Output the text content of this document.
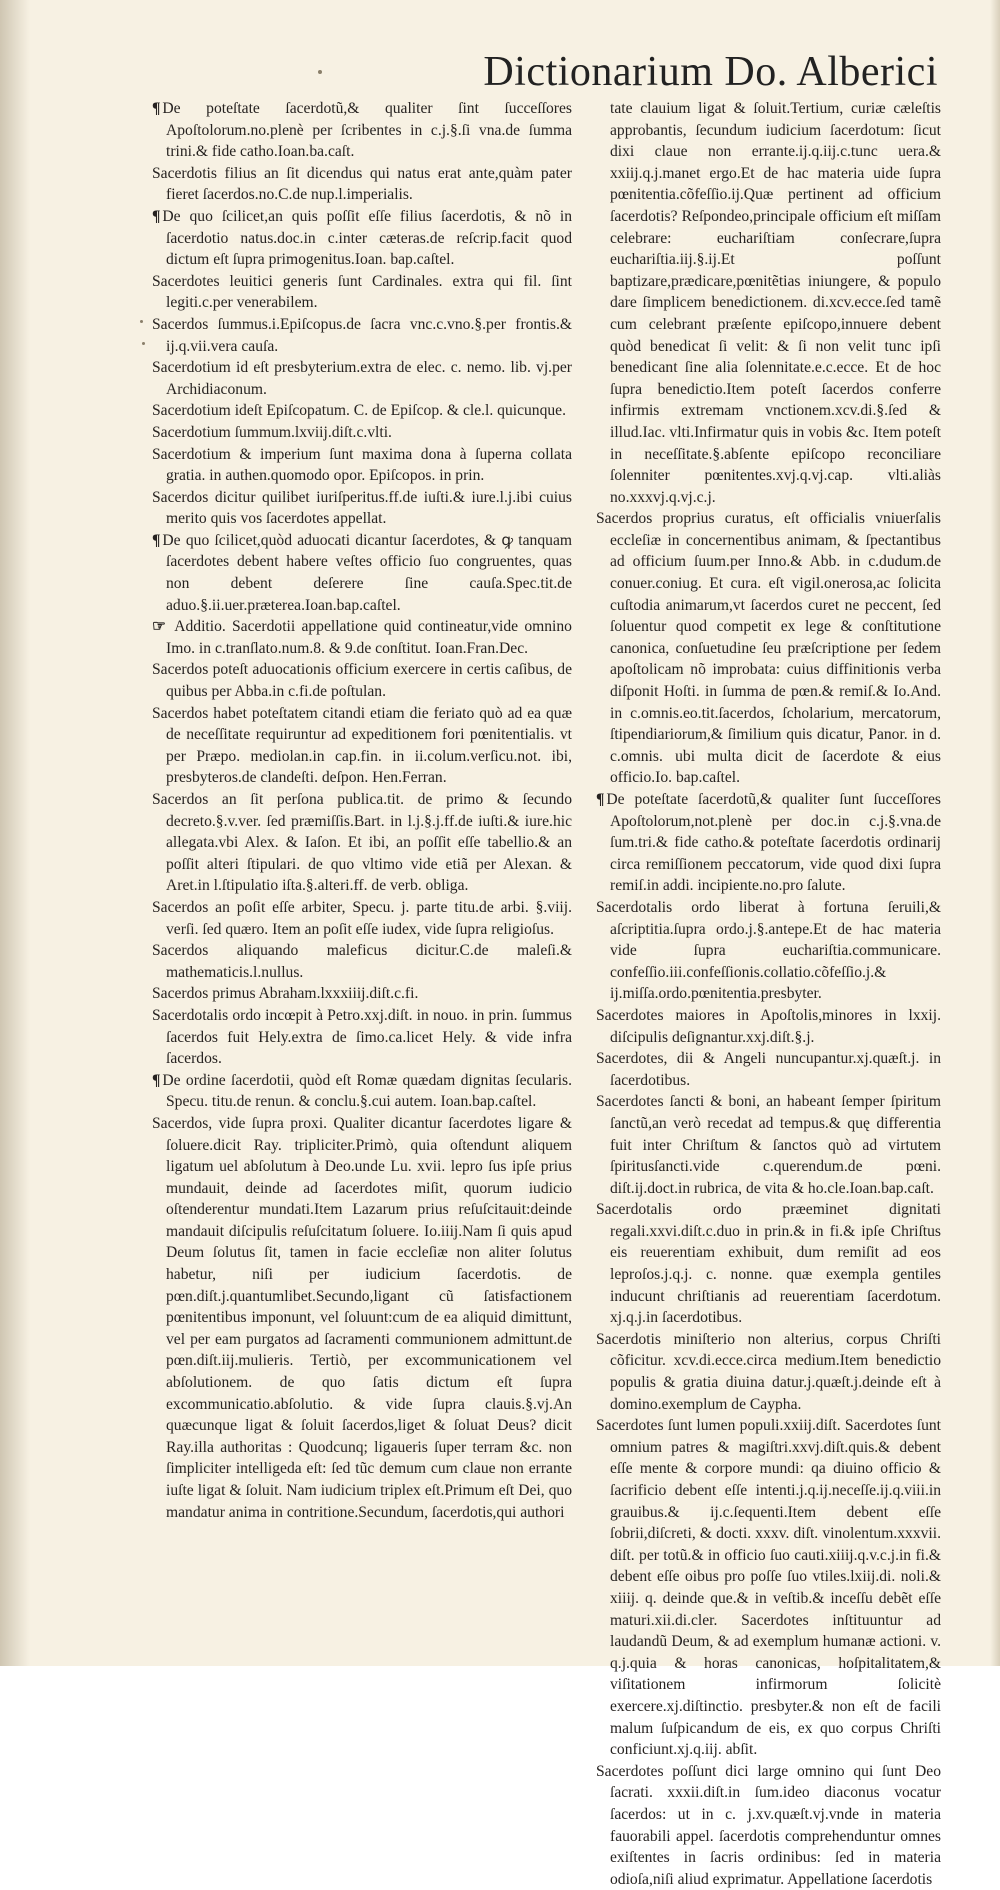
Dictionarium Do. Alberici

¶ De poteſtate ſacerdotũ,& qualiter ſint ſucceſſores Apoſtolorum.no.plenè per ſcribentes in c.j.§.ſi vna.de ſumma trini.& fide catho.Ioan.ba.caſt.

Sacerdotis filius an ſit dicendus qui natus erat ante,quàm pater fieret ſacerdos.no.C.de nup.l.imperialis.

¶ De quo ſcilicet,an quis poſſit eſſe filius ſacerdotis, & nõ in ſacerdotio natus.doc.in c.inter cæteras.de reſcrip.facit quod dictum eſt ſupra primogenitus.Ioan. bap.caſtel.

Sacerdotes leuitici generis ſunt Cardinales. extra qui fil. ſint legiti.c.per venerabilem.

Sacerdos ſummus.i.Epiſcopus.de ſacra vnc.c.vno.§.per frontis.& ij.q.vii.vera cauſa.

Sacerdotium id eſt presbyterium.extra de elec. c. nemo. lib. vj.per Archidiaconum.

Sacerdotium ideſt Epiſcopatum. C. de Epiſcop. & cle.l. quicunque.

Sacerdotium ſummum.lxviij.diſt.c.vlti.

Sacerdotium & imperium ſunt maxima dona à ſuperna collata gratia. in authen.quomodo opor. Epiſcopos. in prin.

Sacerdos dicitur quilibet iuriſperitus.ff.de iuſti.& iure.l.j.ibi cuius merito quis vos ſacerdotes appellat.

¶ De quo ſcilicet,quòd aduocati dicantur ſacerdotes, & ꝙ tanquam ſacerdotes debent habere veſtes officio ſuo congruentes, quas non debent deſerere ſine cauſa.Spec.tit.de aduo.§.ii.uer.præterea.Ioan.bap.caſtel.

☞ Additio. Sacerdotii appellatione quid contineatur,vide omnino Imo. in c.tranſlato.num.8. & 9.de conſtitut. Ioan.Fran.Dec.

Sacerdos poteſt aduocationis officium exercere in certis caſibus, de quibus per Abba.in c.fi.de poſtulan.

Sacerdos habet poteſtatem citandi etiam die feriato quò ad ea quæ de neceſſitate requiruntur ad expeditionem fori pœnitentialis. vt per Præpo. mediolan.in cap.fin. in ii.colum.verſicu.not. ibi, presbyteros.de clandeſti. deſpon. Hen.Ferran.

Sacerdos an ſit perſona publica.tit. de primo & ſecundo decreto.§.v.ver. ſed præmiſſis.Bart. in l.j.§.j.ff.de iuſti.& iure.hic allegata.vbi Alex. & Iaſon. Et ibi, an poſſit eſſe tabellio.& an poſſit alteri ſtipulari. de quo vltimo vide etiã per Alexan. & Aret.in l.ſtipulatio iſta.§.alteri.ff. de verb. obliga.

Sacerdos an poſit eſſe arbiter, Specu. j. parte titu.de arbi. §.viij. verſi. ſed quæro. Item an poſit eſſe iudex, vide ſupra religioſus.

Sacerdos aliquando maleficus dicitur.C.de maleſi.& mathematicis.l.nullus.

Sacerdos primus Abraham.lxxxiiij.diſt.c.fi.

Sacerdotalis ordo incœpit à Petro.xxj.diſt. in nouo. in prin. ſummus ſacerdos fuit Hely.extra de ſimo.ca.licet Hely. & vide infra ſacerdos.

¶ De ordine ſacerdotii, quòd eſt Romæ quædam dignitas ſecularis. Specu. titu.de renun. & conclu.§.cui autem. Ioan.bap.caſtel.

Sacerdos, vide ſupra proxi. Qualiter dicantur ſacerdotes ligare & ſoluere.dicit Ray. tripliciter.Primò, quia oſtendunt aliquem ligatum uel abſolutum à Deo.unde Lu. xvii. lepro ſus ipſe prius mundauit, deinde ad ſacerdotes miſit, quorum iudicio oſtenderentur mundati.Item Lazarum prius reſuſcitauit:deinde mandauit diſcipulis reſuſcitatum ſoluere. Io.iiij.Nam ſi quis apud Deum ſolutus ſit, tamen in facie eccleſiæ non aliter ſolutus habetur, niſi per iudicium ſacerdotis. de pœn.diſt.j.quantumlibet.Secundo,ligant cũ ſatisfactionem pœnitentibus imponunt, vel ſoluunt:cum de ea aliquid dimittunt, vel per eam purgatos ad ſacramenti communionem admittunt.de pœn.diſt.iij.mulieris. Tertiò, per excommunicationem vel abſolutionem. de quo ſatis dictum eſt ſupra excommunicatio.abſolutio. & vide ſupra clauis.§.vj.An quæcunque ligat & ſoluit ſacerdos,liget & ſoluat Deus? dicit Ray.illa authoritas : Quodcunq; ligaueris ſuper terram &c. non ſimpliciter intelligeda eſt: ſed tũc demum cum claue non errante iuſte ligat & ſoluit. Nam iudicium triplex eſt.Primum eſt Dei, quo mandatur anima in contritione.Secundum, ſacerdotis,qui authori

tate clauium ligat & ſoluit.Tertium, curiæ cæleſtis approbantis, ſecundum iudicium ſacerdotum: ſicut dixi claue non errante.ij.q.iij.c.tunc uera.& xxiij.q.j.manet ergo.Et de hac materia uide ſupra pœnitentia.cõfeſſio.ij.Quæ pertinent ad officium ſacerdotis? Reſpondeo,principale officium eſt miſſam celebrare: euchariſtiam conſecrare,ſupra euchariſtia.iij.§.ij.Et poſſunt baptizare,prædicare,pœnitẽtias iniungere, & populo dare ſimplicem benedictionem. di.xcv.ecce.ſed tamẽ cum celebrant præſente epiſcopo,innuere debent quòd benedicat ſi velit: & ſi non velit tunc ipſi benedicant ſine alia ſolennitate.e.c.ecce. Et de hoc ſupra benedictio.Item poteſt ſacerdos conferre infirmis extremam vnctionem.xcv.di.§.ſed & illud.Iac. vlti.Infirmatur quis in vobis &c. Item poteſt in neceſſitate.§.abſente epiſcopo reconciliare ſolenniter pœnitentes.xvj.q.vj.cap. vlti.aliàs no.xxxvj.q.vj.c.j.

Sacerdos proprius curatus, eſt officialis vniuerſalis eccleſiæ in concernentibus animam, & ſpectantibus ad officium ſuum.per Inno.& Abb. in c.dudum.de conuer.coniug. Et cura. eſt vigil.onerosa,ac ſolicita cuſtodia animarum,vt ſacerdos curet ne peccent, ſed ſoluentur quod competit ex lege & conſtitutione canonica, conſuetudine ſeu præſcriptione per ſedem apoſtolicam nõ improbata: cuius diffinitionis verba diſponit Hoſti. in ſumma de pœn.& remiſ.& Io.And. in c.omnis.eo.tit.ſacerdos, ſcholarium, mercatorum, ſtipendiariorum,& ſimilium quis dicatur, Panor. in d. c.omnis. ubi multa dicit de ſacerdote & eius officio.Io. bap.caſtel.

¶ De poteſtate ſacerdotũ,& qualiter ſunt ſucceſſores Apoſtolorum,not.plenè per doc.in c.j.§.vna.de ſum.tri.& fide catho.& poteſtate ſacerdotis ordinarij circa remiſſionem peccatorum, vide quod dixi ſupra remiſ.in addi. incipiente.no.pro ſalute.

Sacerdotalis ordo liberat à fortuna ſeruili,& aſcriptitia.ſupra ordo.j.§.antepe.Et de hac materia vide ſupra euchariſtia.communicare. confeſſio.iii.confeſſionis.collatio.cõfeſſio.j.& ij.miſſa.ordo.pœnitentia.presbyter.

Sacerdotes maiores in Apoſtolis,minores in lxxij. diſcipulis deſignantur.xxj.diſt.§.j.

Sacerdotes, dii & Angeli nuncupantur.xj.quæſt.j. in ſacerdotibus.

Sacerdotes ſancti & boni, an habeant ſemper ſpiritum ſanctũ,an verò recedat ad tempus.& quę differentia fuit inter Chriſtum & ſanctos quò ad virtutem ſpiritusſancti.vide c.querendum.de pœni. diſt.ij.doct.in rubrica, de vita & ho.cle.Ioan.bap.caſt.

Sacerdotalis ordo præeminet dignitati regali.xxvi.diſt.c.duo in prin.& in fi.& ipſe Chriſtus eis reuerentiam exhibuit, dum remiſit ad eos leproſos.j.q.j. c. nonne. quæ exempla gentiles inducunt chriſtianis ad reuerentiam ſacerdotum. xj.q.j.in ſacerdotibus.

Sacerdotis miniſterio non alterius, corpus Chriſti cõficitur. xcv.di.ecce.circa medium.Item benedictio populis & gratia diuina datur.j.quæſt.j.deinde eſt à domino.exemplum de Caypha.

Sacerdotes ſunt lumen populi.xxiij.diſt. Sacerdotes ſunt omnium patres & magiſtri.xxvj.diſt.quis.& debent eſſe mente & corpore mundi: qa diuino officio & ſacrificio debent eſſe intenti.j.q.ij.neceſſe.ij.q.viii.in grauibus.& ij.c.ſequenti.Item debent eſſe ſobrii,diſcreti, & docti. xxxv. diſt. vinolentum.xxxvii. diſt. per totũ.& in officio ſuo cauti.xiiij.q.v.c.j.in fi.& debent eſſe oibus pro poſſe ſuo vtiles.lxiij.di. noli.& xiiij. q. deinde que.& in veſtib.& inceſſu debẽt eſſe maturi.xii.di.cler. Sacerdotes inſtituuntur ad laudandũ Deum, & ad exemplum humanæ actioni. v. q.j.quia & horas canonicas, hoſpitalitatem,& viſitationem infirmorum ſolicitè exercere.xj.diſtinctio. presbyter.& non eſt de facili malum ſuſpicandum de eis, ex quo corpus Chriſti conficiunt.xj.q.iij. abſit.

Sacerdotes poſſunt dici large omnino qui ſunt Deo ſacrati. xxxii.diſt.in ſum.ideo diaconus vocatur ſacerdos: ut in c. j.xv.quæſt.vj.vnde in materia fauorabili appel. ſacerdotis comprehenduntur omnes exiſtentes in ſacris ordinibus: ſed in materia odioſa,niſi aliud exprimatur. Appellatione ſacerdotis
